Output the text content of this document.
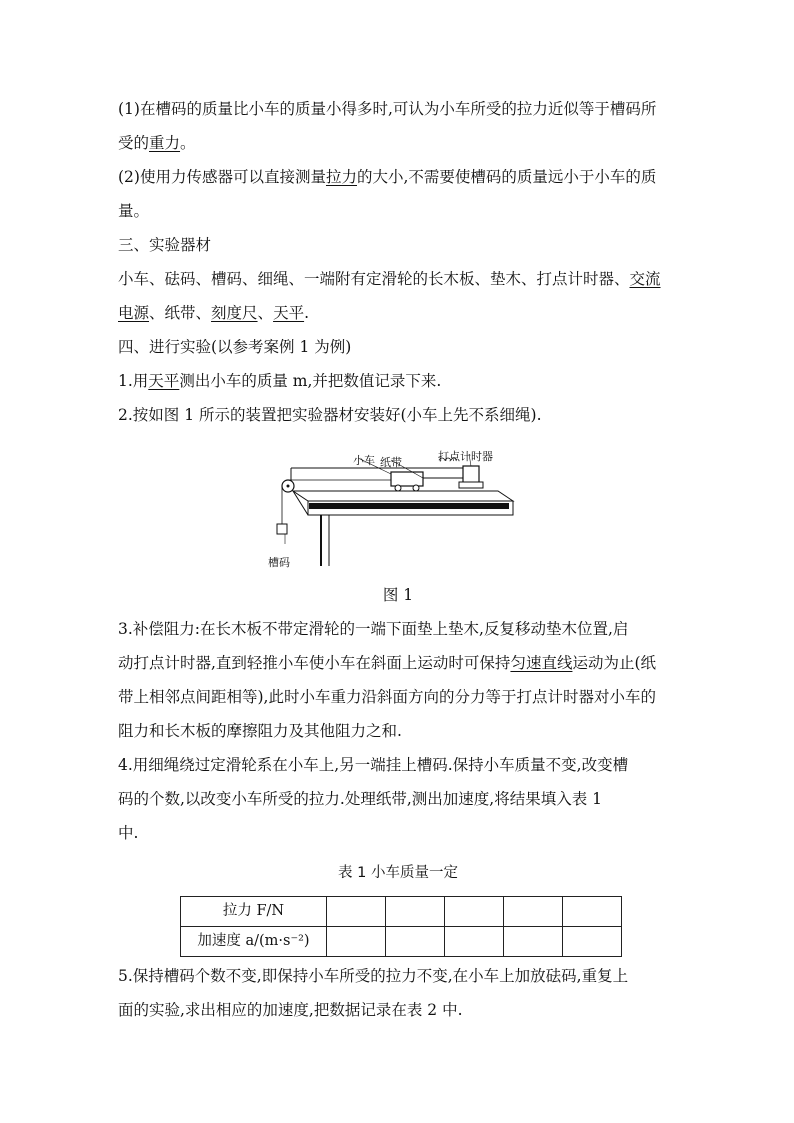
(1)在槽码的质量比小车的质量小得多时,可认为小车所受的拉力近似等于槽码所

受的重力。

(2)使用力传感器可以直接测量拉力的大小,不需要使槽码的质量远小于小车的质

量。

三、实验器材

小车、砝码、槽码、细绳、一端附有定滑轮的长木板、垫木、打点计时器、交流

电源、纸带、刻度尺、天平.

四、进行实验(以参考案例 1 为例)

1.用天平测出小车的质量 m,并把数值记录下来.

2.按如图 1 所示的装置把实验器材安装好(小车上先不系细绳).

小车 纸带	打点计时器
槽码

图 1

3.补偿阻力:在长木板不带定滑轮的一端下面垫上垫木,反复移动垫木位置,启

动打点计时器,直到轻推小车使小车在斜面上运动时可保持匀速直线运动为止(纸

带上相邻点间距相等),此时小车重力沿斜面方向的分力等于打点计时器对小车的

阻力和长木板的摩擦阻力及其他阻力之和.

4.用细绳绕过定滑轮系在小车上,另一端挂上槽码.保持小车质量不变,改变槽

码的个数,以改变小车所受的拉力.处理纸带,测出加速度,将结果填入表 1

中.

表 1 小车质量一定
拉力 F/N					
加速度 a/(m·s⁻²)					

5.保持槽码个数不变,即保持小车所受的拉力不变,在小车上加放砝码,重复上

面的实验,求出相应的加速度,把数据记录在表 2 中.
